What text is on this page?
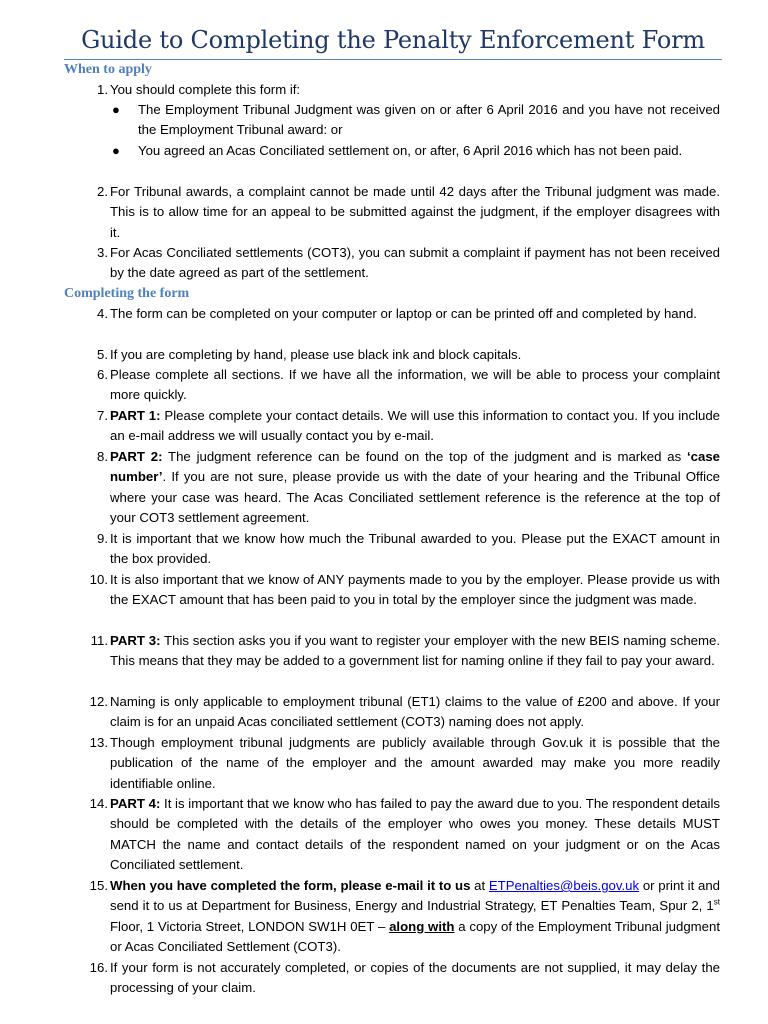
Guide to Completing the Penalty Enforcement Form
When to apply
1. You should complete this form if:
● The Employment Tribunal Judgment was given on or after 6 April 2016 and you have not received the Employment Tribunal award: or
● You agreed an Acas Conciliated settlement on, or after, 6 April 2016 which has not been paid.
2. For Tribunal awards, a complaint cannot be made until 42 days after the Tribunal judgment was made. This is to allow time for an appeal to be submitted against the judgment, if the employer disagrees with it.
3. For Acas Conciliated settlements (COT3), you can submit a complaint if payment has not been received by the date agreed as part of the settlement.
Completing the form
4. The form can be completed on your computer or laptop or can be printed off and completed by hand.
5. If you are completing by hand, please use black ink and block capitals.
6. Please complete all sections. If we have all the information, we will be able to process your complaint more quickly.
7. PART 1: Please complete your contact details. We will use this information to contact you. If you include an e-mail address we will usually contact you by e-mail.
8. PART 2: The judgment reference can be found on the top of the judgment and is marked as ‘case number’. If you are not sure, please provide us with the date of your hearing and the Tribunal Office where your case was heard. The Acas Conciliated settlement reference is the reference at the top of your COT3 settlement agreement.
9. It is important that we know how much the Tribunal awarded to you. Please put the EXACT amount in the box provided.
10. It is also important that we know of ANY payments made to you by the employer. Please provide us with the EXACT amount that has been paid to you in total by the employer since the judgment was made.
11. PART 3: This section asks you if you want to register your employer with the new BEIS naming scheme. This means that they may be added to a government list for naming online if they fail to pay your award.
12. Naming is only applicable to employment tribunal (ET1) claims to the value of £200 and above. If your claim is for an unpaid Acas conciliated settlement (COT3) naming does not apply.
13. Though employment tribunal judgments are publicly available through Gov.uk it is possible that the publication of the name of the employer and the amount awarded may make you more readily identifiable online.
14. PART 4: It is important that we know who has failed to pay the award due to you. The respondent details should be completed with the details of the employer who owes you money. These details MUST MATCH the name and contact details of the respondent named on your judgment or on the Acas Conciliated settlement.
15. When you have completed the form, please e-mail it to us at ETPenalties@beis.gov.uk or print it and send it to us at Department for Business, Energy and Industrial Strategy, ET Penalties Team, Spur 2, 1st Floor, 1 Victoria Street, LONDON SW1H 0ET – along with a copy of the Employment Tribunal judgment or Acas Conciliated Settlement (COT3).
16. If your form is not accurately completed, or copies of the documents are not supplied, it may delay the processing of your claim.
